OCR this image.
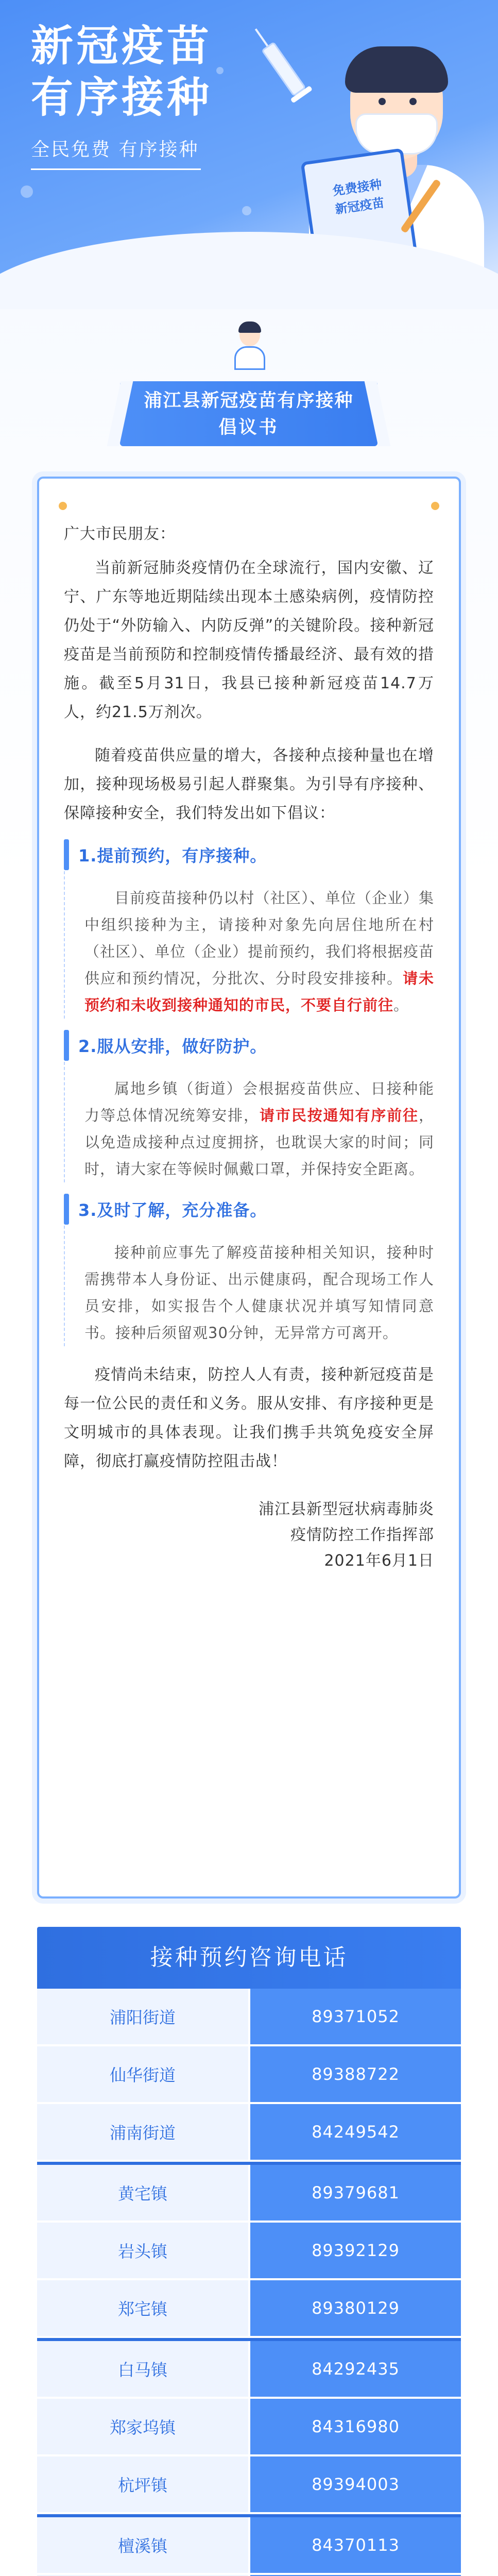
新冠疫苗
有序接种
全民免费 有序接种
免费接种
新冠疫苗
浦江县新冠疫苗有序接种
倡议书

广大市民朋友：

当前新冠肺炎疫情仍在全球流行，国内安徽、辽宁、广东等地近期陆续出现本土感染病例，疫情防控仍处于“外防输入、内防反弹”的关键阶段。接种新冠疫苗是当前预防和控制疫情传播最经济、最有效的措施。截至5月31日，我县已接种新冠疫苗14.7万人，约21.5万剂次。

随着疫苗供应量的增大，各接种点接种量也在增加，接种现场极易引起人群聚集。为引导有序接种、保障接种安全，我们特发出如下倡议：

1.提前预约，有序接种。
目前疫苗接种仍以村（社区）、单位（企业）集中组织接种为主，请接种对象先向居住地所在村（社区）、单位（企业）提前预约，我们将根据疫苗供应和预约情况，分批次、分时段安排接种。请未预约和未收到接种通知的市民，不要自行前往。
2.服从安排，做好防护。
属地乡镇（街道）会根据疫苗供应、日接种能力等总体情况统筹安排，请市民按通知有序前往，以免造成接种点过度拥挤，也耽误大家的时间；同时，请大家在等候时佩戴口罩，并保持安全距离。
3.及时了解，充分准备。
接种前应事先了解疫苗接种相关知识，接种时需携带本人身份证、出示健康码，配合现场工作人员安排，如实报告个人健康状况并填写知情同意书。接种后须留观30分钟，无异常方可离开。

疫情尚未结束，防控人人有责，接种新冠疫苗是每一位公民的责任和义务。服从安排、有序接种更是文明城市的具体表现。让我们携手共筑免疫安全屏障，彻底打赢疫情防控阻击战！

浦江县新型冠状病毒肺炎
疫情防控工作指挥部
2021年6月1日
接种预约咨询电话
浦阳街道	89371052
仙华街道	89388722
浦南街道	84249542
黄宅镇	89379681
岩头镇	89392129
郑宅镇	89380129
白马镇	84292435
郑家坞镇	84316980
杭坪镇	89394003
檀溪镇	84370113
